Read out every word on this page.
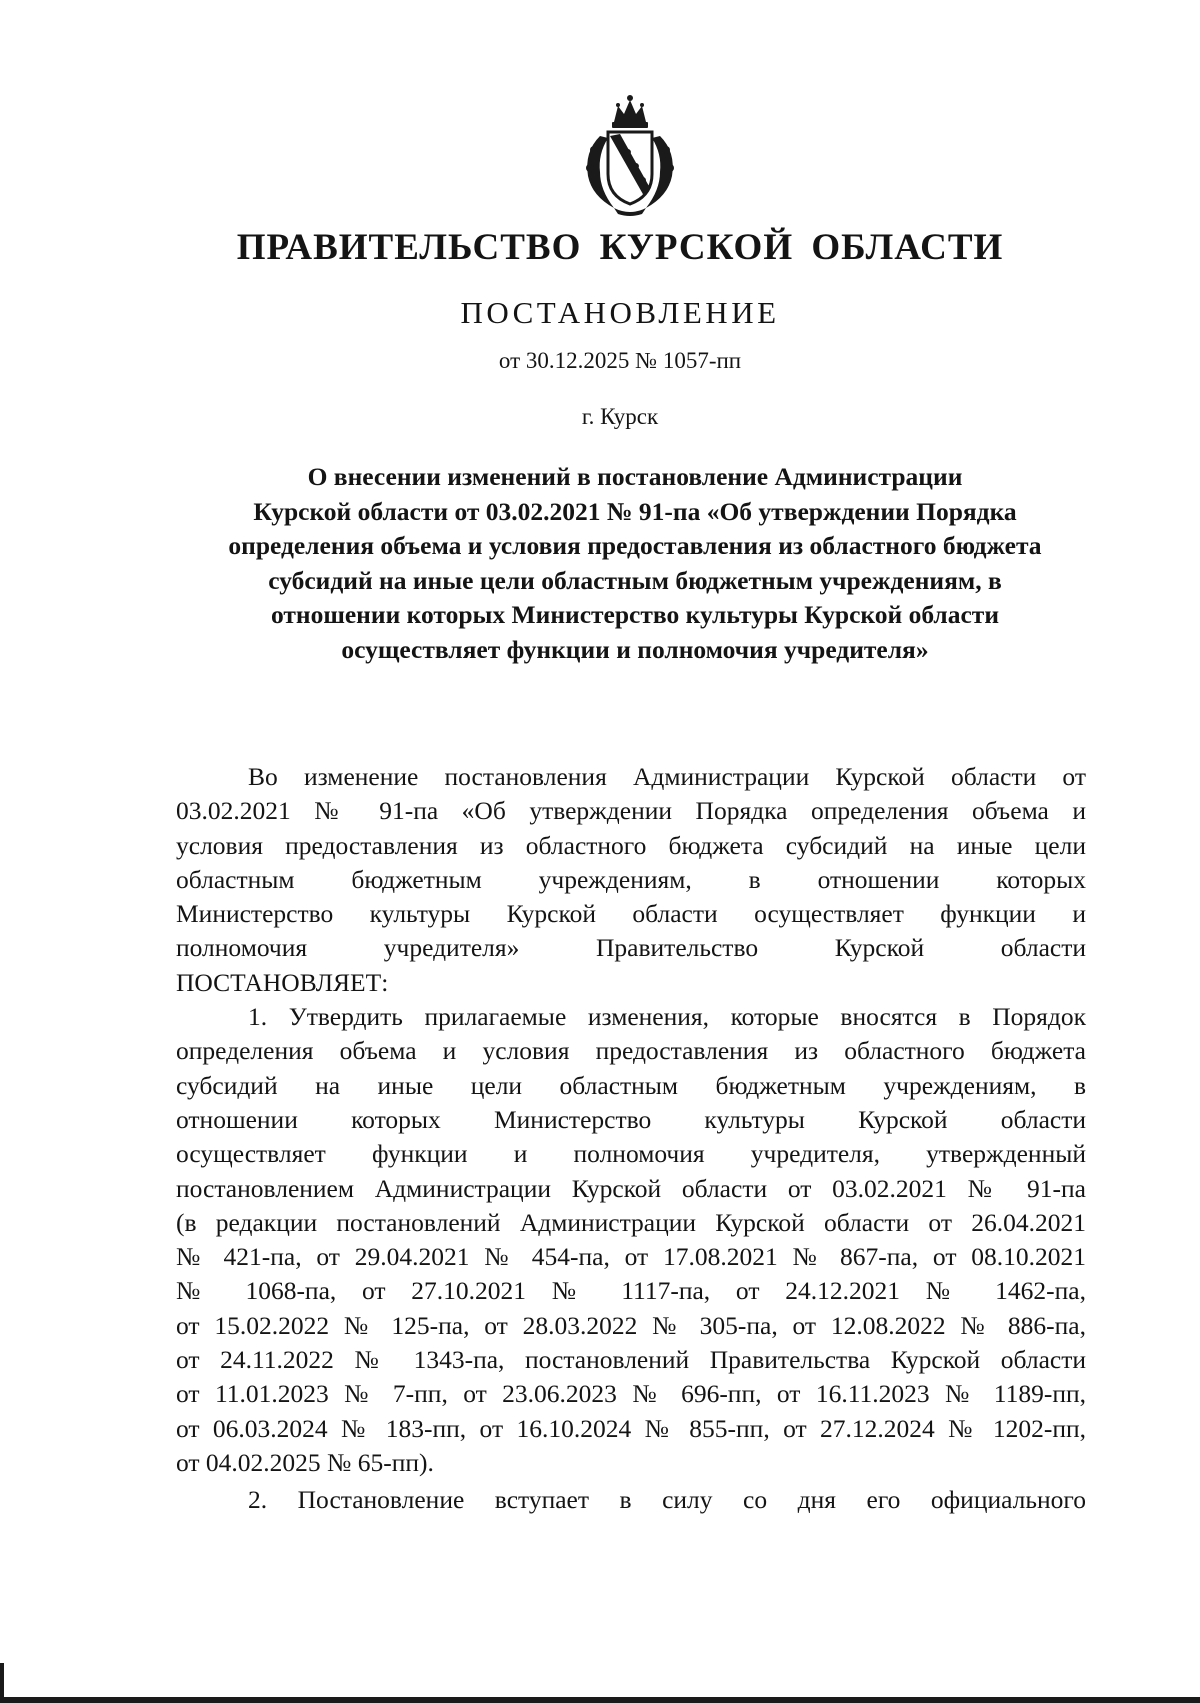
ПРАВИТЕЛЬСТВО КУРСКОЙ ОБЛАСТИ
ПОСТАНОВЛЕНИЕ
от 30.12.2025 № 1057-пп
г. Курск
О внесении изменений в постановление Администрации
Курской области от 03.02.2021 № 91-па «Об утверждении Порядка
определения объема и условия предоставления из областного бюджета
субсидий на иные цели областным бюджетным учреждениям, в
отношении которых Министерство культуры Курской области
осуществляет функции и полномочия учредителя»
Во изменение постановления Администрации Курской области от
03.02.2021 № 91-па «Об утверждении Порядка определения объема и
условия предоставления из областного бюджета субсидий на иные цели
областным бюджетным учреждениям, в отношении которых
Министерство культуры Курской области осуществляет функции и
полномочия учредителя» Правительство Курской области
ПОСТАНОВЛЯЕТ:
1. Утвердить прилагаемые изменения, которые вносятся в Порядок
определения объема и условия предоставления из областного бюджета
субсидий на иные цели областным бюджетным учреждениям, в
отношении которых Министерство культуры Курской области
осуществляет функции и полномочия учредителя, утвержденный
постановлением Администрации Курской области от 03.02.2021 № 91-па
(в редакции постановлений Администрации Курской области от 26.04.2021
№ 421-па, от 29.04.2021 № 454-па, от 17.08.2021 № 867-па, от 08.10.2021
№ 1068-па, от 27.10.2021 № 1117-па, от 24.12.2021 № 1462-па,
от 15.02.2022 № 125-па, от 28.03.2022 № 305-па, от 12.08.2022 № 886-па,
от 24.11.2022 № 1343-па, постановлений Правительства Курской области
от 11.01.2023 № 7-пп, от 23.06.2023 № 696-пп, от 16.11.2023 № 1189-пп,
от 06.03.2024 № 183-пп, от 16.10.2024 № 855-пп, от 27.12.2024 № 1202-пп,
от 04.02.2025 № 65-пп).
2. Постановление вступает в силу со дня его официального
